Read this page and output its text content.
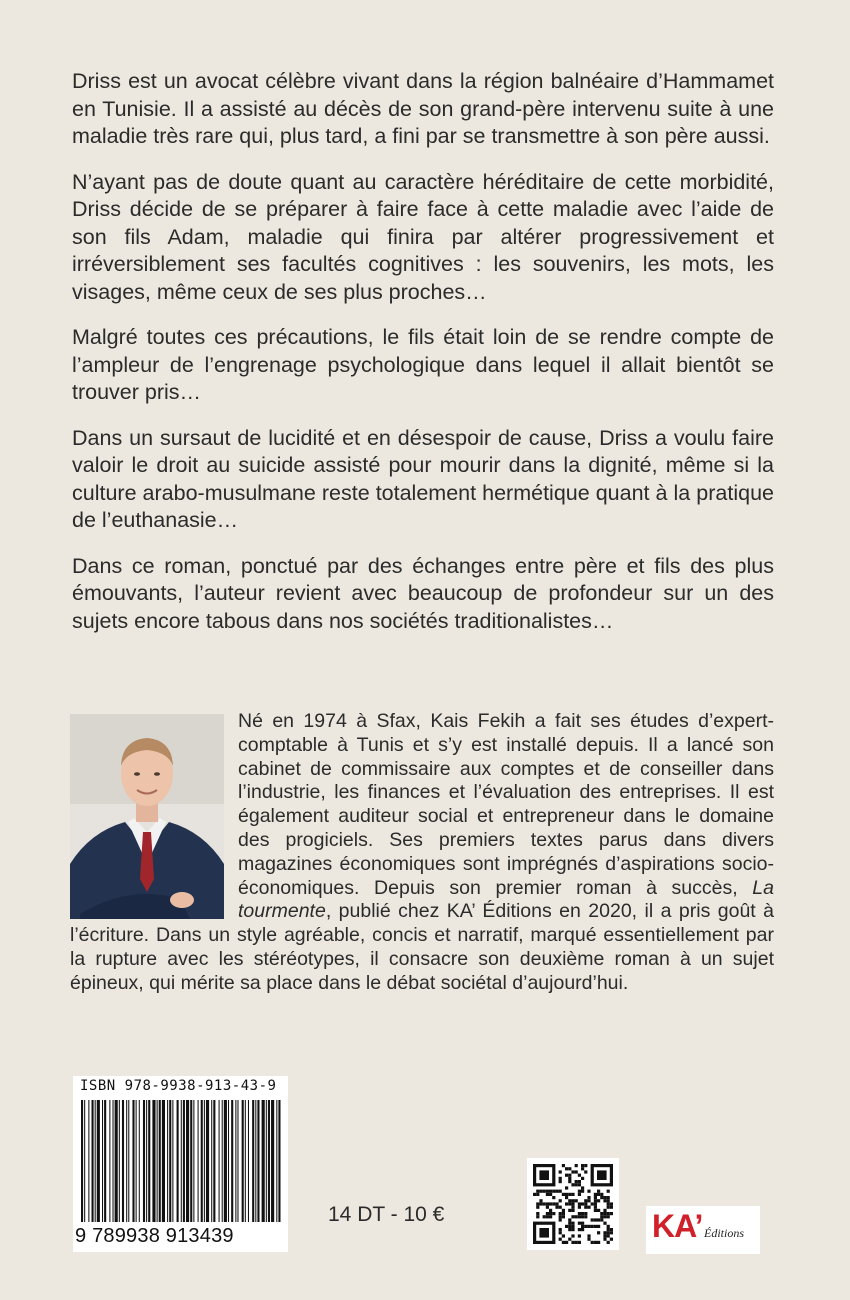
Driss est un avocat célèbre vivant dans la région balnéaire d’Hammamet en Tunisie. Il a assisté au décès de son grand-père intervenu suite à une maladie très rare qui, plus tard, a fini par se transmettre à son père aussi.

N’ayant pas de doute quant au caractère héréditaire de cette morbidité, Driss décide de se préparer à faire face à cette maladie avec l’aide de son fils Adam, maladie qui finira par altérer progressivement et irréversiblement ses facultés cognitives : les souvenirs, les mots, les visages, même ceux de ses plus proches…

Malgré toutes ces précautions, le fils était loin de se rendre compte de l’ampleur de l’engrenage psychologique dans lequel il allait bientôt se trouver pris…

Dans un sursaut de lucidité et en désespoir de cause, Driss a voulu faire valoir le droit au suicide assisté pour mourir dans la dignité, même si la culture arabo-musulmane reste totalement hermétique quant à la pratique de l’euthanasie…

Dans ce roman, ponctué par des échanges entre père et fils des plus émouvants, l’auteur revient avec beaucoup de profondeur sur un des sujets encore tabous dans nos sociétés traditionalistes…

Né en 1974 à Sfax, Kais Fekih a fait ses études d’expert-comptable à Tunis et s’y est installé depuis. Il a lancé son cabinet de commissaire aux comptes et de conseiller dans l’industrie, les finances et l’évaluation des entreprises. Il est également auditeur social et entrepreneur dans le domaine des progiciels. Ses premiers textes parus dans divers magazines économiques sont imprégnés d’aspirations socio-économiques. Depuis son premier roman à succès, La tourmente, publié chez KA’ Éditions en 2020, il a pris goût à l’écriture. Dans un style agréable, concis et narratif, marqué essentiellement par la rupture avec les stéréotypes, il consacre son deuxième roman à un sujet épineux, qui mérite sa place dans le débat sociétal d’aujourd’hui.
ISBN 978-9938-913-43-9
9 789938 913439
14 DT - 10 €	KA’ Éditions
